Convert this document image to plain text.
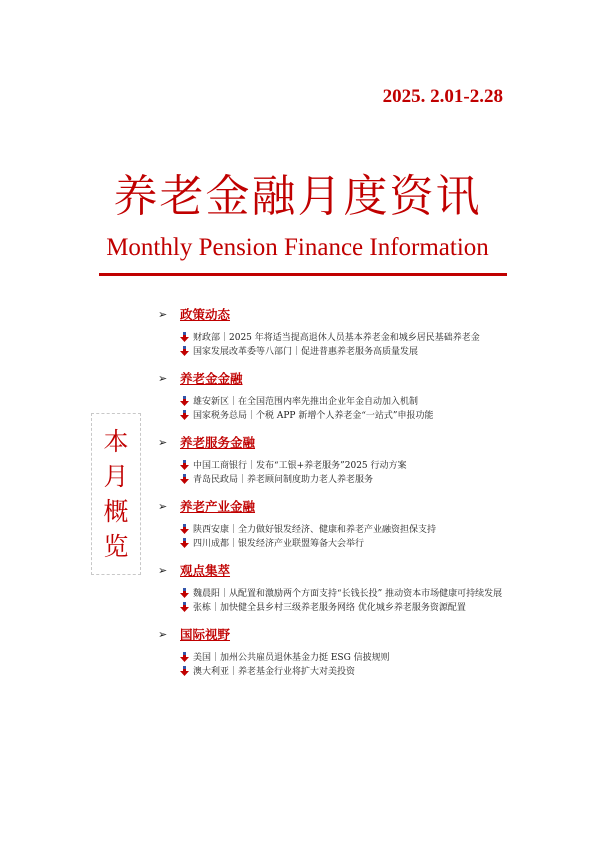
2025. 2.01-2.28
养老金融月度资讯
Monthly Pension Finance Information
本
月
概
览
➢	政策动态
财政部｜2025 年将适当提高退休人员基本养老金和城乡居民基础养老金
国家发展改革委等八部门｜促进普惠养老服务高质量发展
➢	养老金金融
雄安新区｜在全国范围内率先推出企业年金自动加入机制
国家税务总局｜个税 APP 新增个人养老金“一站式”申报功能
➢	养老服务金融
中国工商银行｜发布“工银+养老服务”2025 行动方案
青岛民政局｜养老顾问制度助力老人养老服务
➢	养老产业金融
陕西安康｜全力做好银发经济、健康和养老产业融资担保支持
四川成都｜银发经济产业联盟筹备大会举行
➢	观点集萃
魏晨阳｜从配置和激励两个方面支持“长钱长投” 推动资本市场健康可持续发展
张栋｜加快健全县乡村三级养老服务网络 优化城乡养老服务资源配置
➢	国际视野
美国｜加州公共雇员退休基金力挺 ESG 信披规则
澳大利亚｜养老基金行业将扩大对美投资
